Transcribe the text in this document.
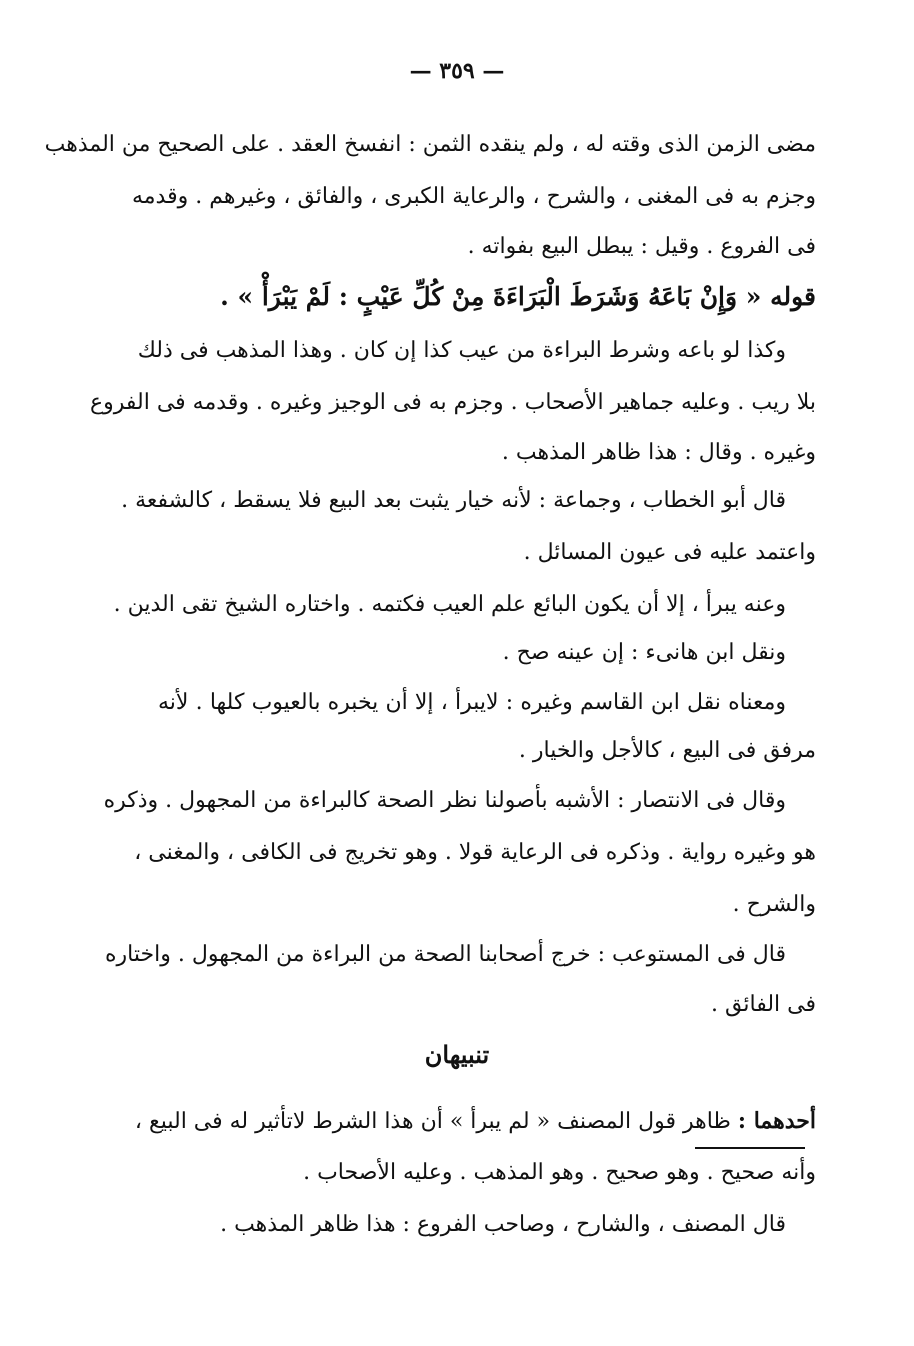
— ٣٥٩ —
مضى الزمن الذى وقته له ، ولم ينقده الثمن : انفسخ العقد . على الصحيح من المذهب
وجزم به فى المغنى ، والشرح ، والرعاية الكبرى ، والفائق ، وغيرهم . وقدمه
فى الفروع . وقيل : يبطل البيع بفواته .
قوله « وَإِنْ بَاعَهُ وَشَرَطَ الْبَرَاءَةَ مِنْ كُلِّ عَيْبٍ : لَمْ يَبْرَأْ » .
وكذا لو باعه وشرط البراءة من عيب كذا إن كان . وهذا المذهب فى ذلك
بلا ريب . وعليه جماهير الأصحاب . وجزم به فى الوجيز وغيره . وقدمه فى الفروع
وغيره . وقال : هذا ظاهر المذهب .
قال أبو الخطاب ، وجماعة : لأنه خيار يثبت بعد البيع فلا يسقط ، كالشفعة .
واعتمد عليه فى عيون المسائل .
وعنه يبرأ ، إلا أن يكون البائع علم العيب فكتمه . واختاره الشيخ تقى الدين .
ونقل ابن هانىء : إن عينه صح .
ومعناه نقل ابن القاسم وغيره : لايبرأ ، إلا أن يخبره بالعيوب كلها . لأنه
مرفق فى البيع ، كالأجل والخيار .
وقال فى الانتصار : الأشبه بأصولنا نظر الصحة كالبراءة من المجهول . وذكره
هو وغيره رواية . وذكره فى الرعاية قولا . وهو تخريج فى الكافى ، والمغنى ،
والشرح .
قال فى المستوعب : خرج أصحابنا الصحة من البراءة من المجهول . واختاره
فى الفائق .
تنبيهان
أحدهما : ظاهر قول المصنف « لم يبرأ » أن هذا الشرط لاتأثير له فى البيع ،
وأنه صحيح . وهو صحيح . وهو المذهب . وعليه الأصحاب .
قال المصنف ، والشارح ، وصاحب الفروع : هذا ظاهر المذهب .
